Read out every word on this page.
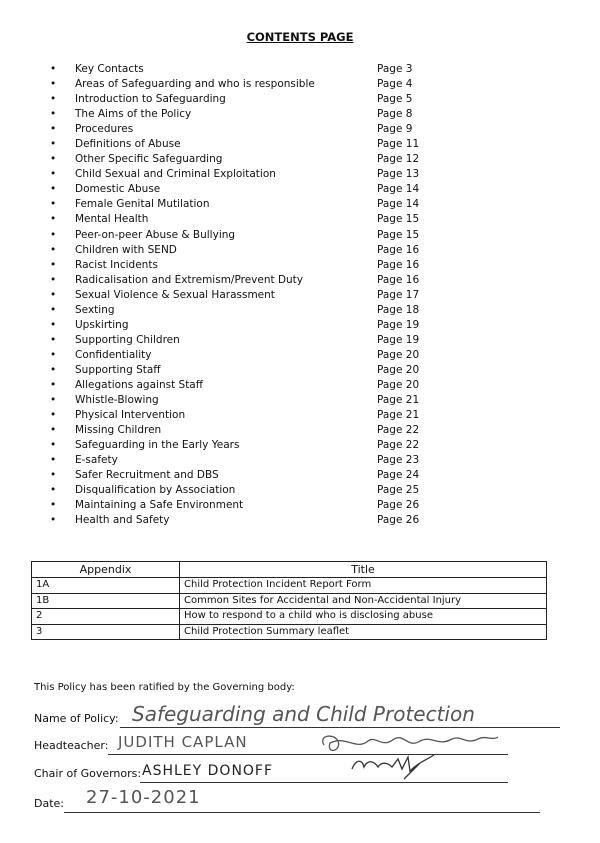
CONTENTS PAGE
• Key Contacts	Page 3
• Areas of Safeguarding and who is responsible	Page 4
• Introduction to Safeguarding	Page 5
• The Aims of the Policy	Page 8
• Procedures	Page 9
• Definitions of Abuse	Page 11
• Other Specific Safeguarding	Page 12
• Child Sexual and Criminal Exploitation	Page 13
• Domestic Abuse	Page 14
• Female Genital Mutilation	Page 14
• Mental Health	Page 15
• Peer-on-peer Abuse & Bullying	Page 15
• Children with SEND	Page 16
• Racist Incidents	Page 16
• Radicalisation and Extremism/Prevent Duty	Page 16
• Sexual Violence & Sexual Harassment	Page 17
• Sexting	Page 18
• Upskirting	Page 19
• Supporting Children	Page 19
• Confidentiality	Page 20
• Supporting Staff	Page 20
• Allegations against Staff	Page 20
• Whistle-Blowing	Page 21
• Physical Intervention	Page 21
• Missing Children	Page 22
• Safeguarding in the Early Years	Page 22
• E-safety	Page 23
• Safer Recruitment and DBS	Page 24
• Disqualification by Association	Page 25
• Maintaining a Safe Environment	Page 26
• Health and Safety	Page 26
Appendix	Title
1A	Child Protection Incident Report Form
1B	Common Sites for Accidental and Non-Accidental Injury
2	How to respond to a child who is disclosing abuse
3	Child Protection Summary leaflet
This Policy has been ratified by the Governing body:
Name of Policy: Safeguarding and Child Protection
Headteacher: JUDITH CAPLAN
Chair of Governors: ASHLEY DONOFF
Date: 27-10-2021
